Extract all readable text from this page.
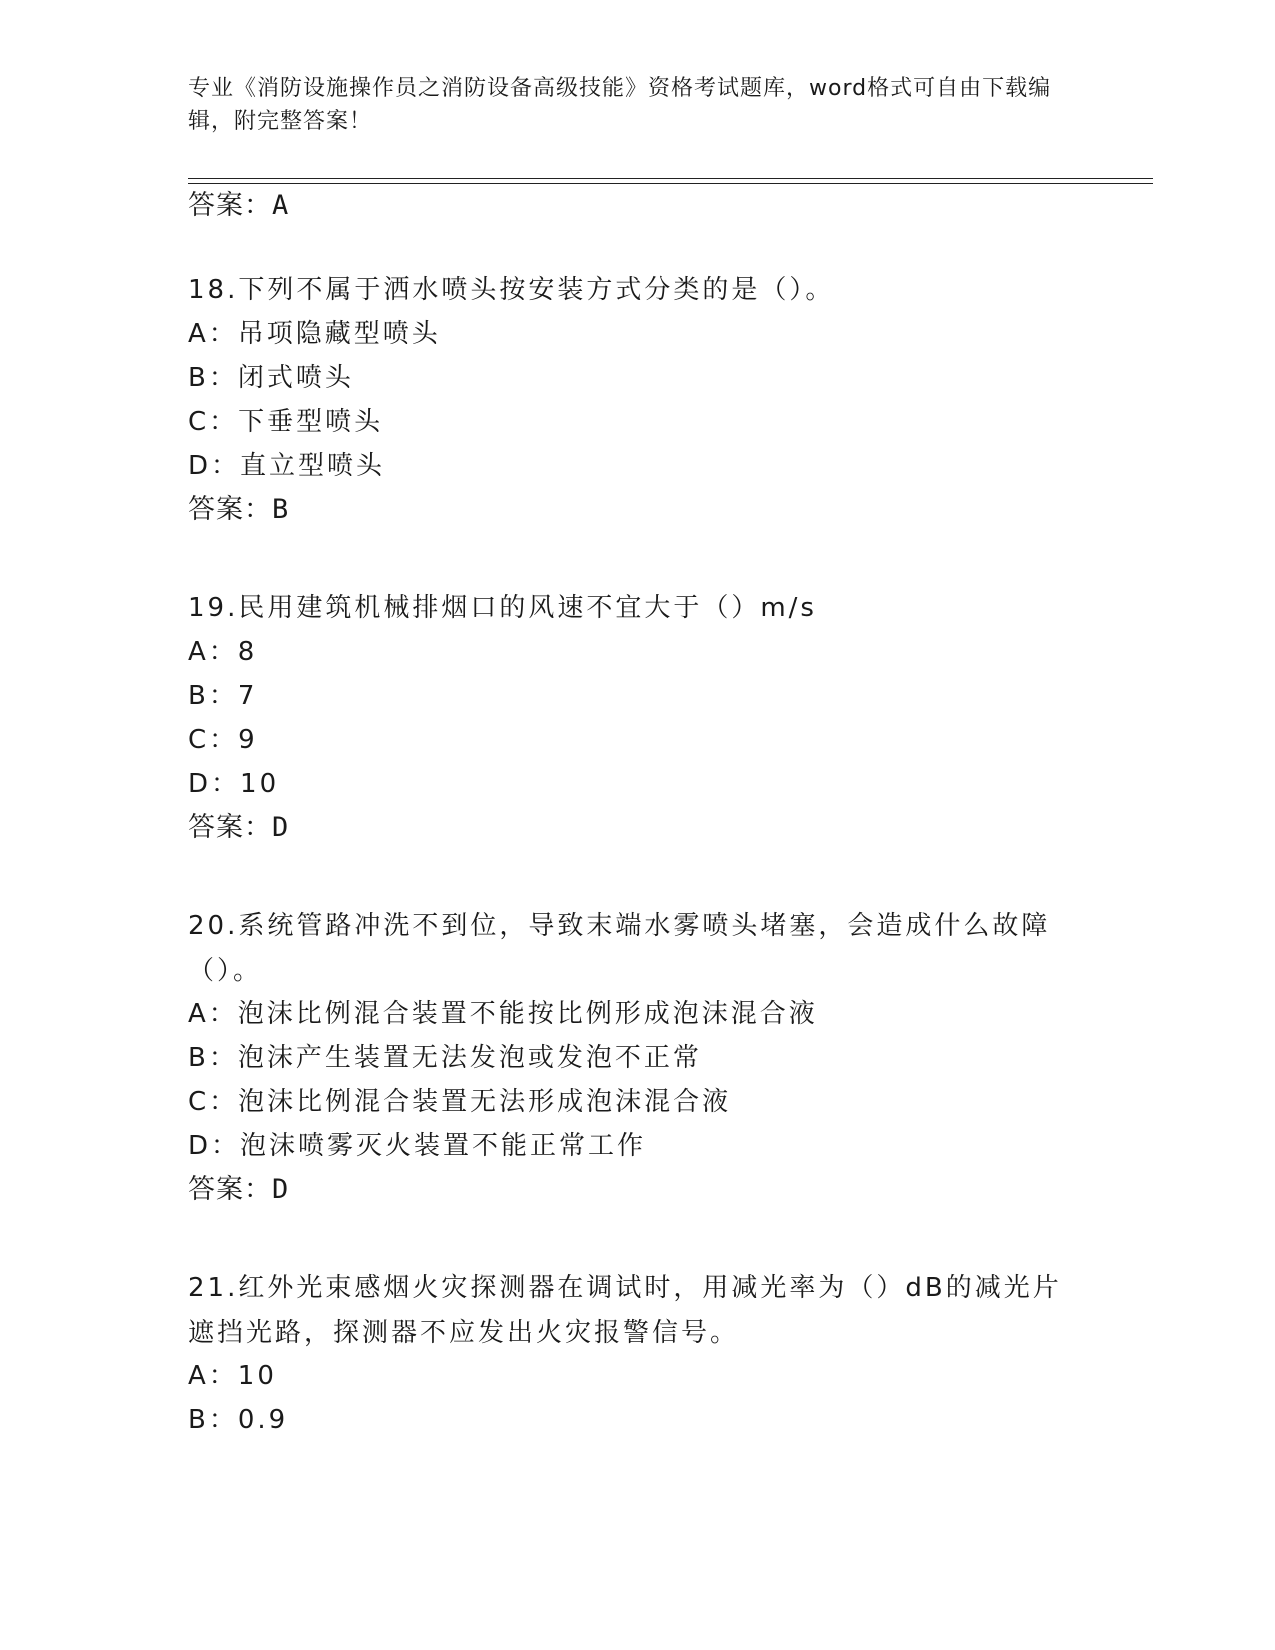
专业《消防设施操作员之消防设备高级技能》资格考试题库，word格式可自由下载编辑，附完整答案！
答案：A
18.下列不属于洒水喷头按安装方式分类的是（）。
A：吊项隐藏型喷头
B：闭式喷头
C：下垂型喷头
D：直立型喷头
答案：B
19.民用建筑机械排烟口的风速不宜大于（）m/s
A：8
B：7
C：9
D：10
答案：D
20.系统管路冲洗不到位，导致末端水雾喷头堵塞，会造成什么故障（）。
A：泡沫比例混合装置不能按比例形成泡沫混合液
B：泡沫产生装置无法发泡或发泡不正常
C：泡沫比例混合装置无法形成泡沫混合液
D：泡沫喷雾灭火装置不能正常工作
答案：D
21.红外光束感烟火灾探测器在调试时，用减光率为（）dB的减光片遮挡光路，探测器不应发出火灾报警信号。
A：10
B：0.9
